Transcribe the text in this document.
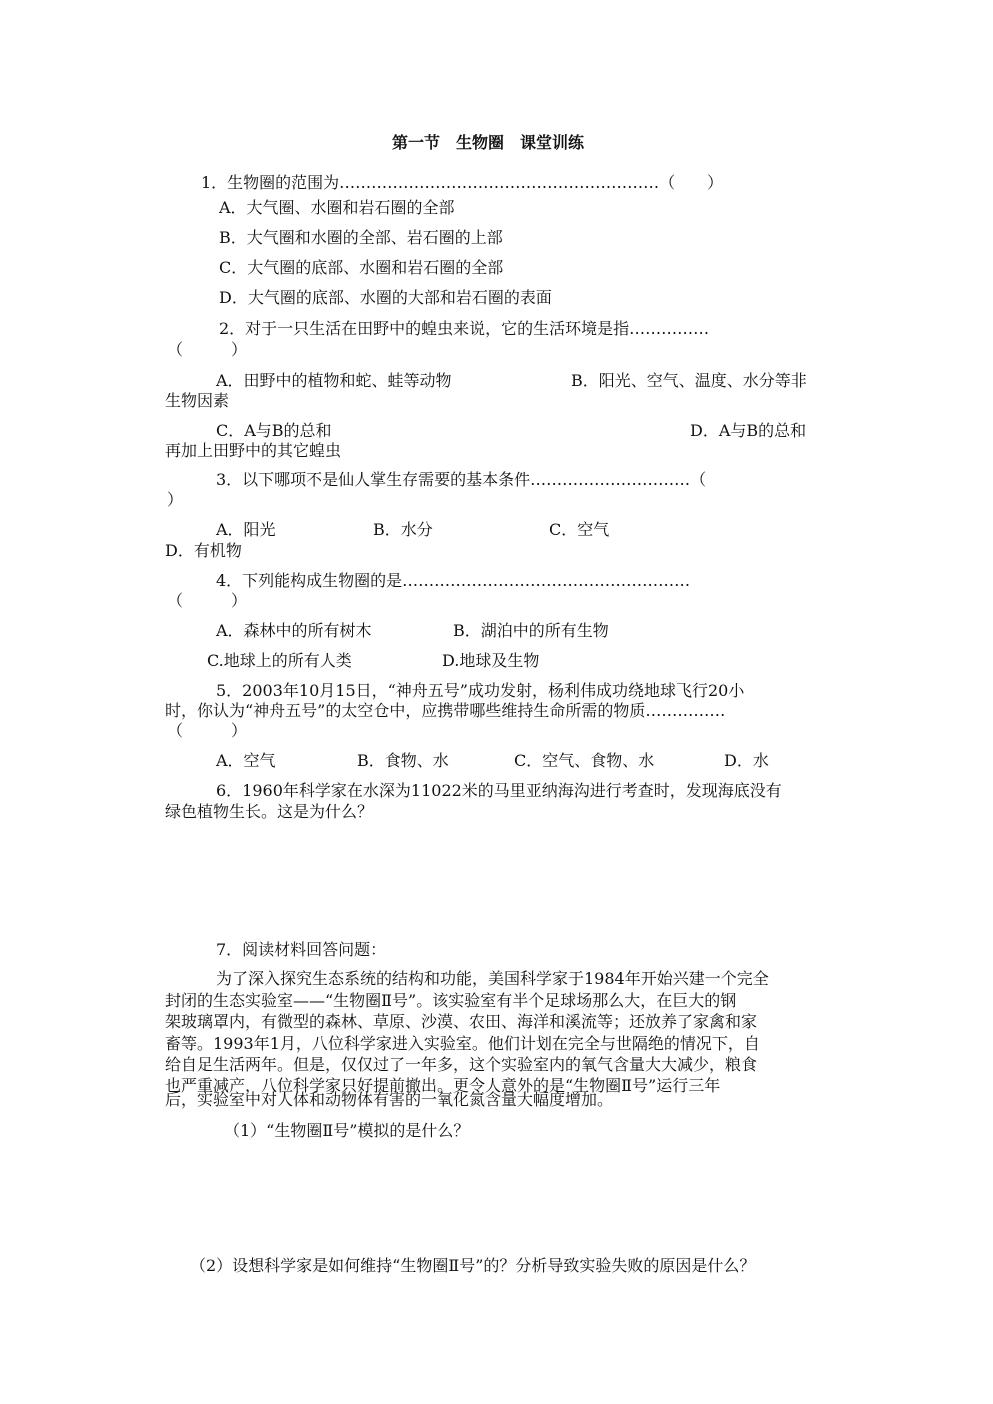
第一节　生物圈　课堂训练
1．生物圈的范围为……………………………………………………（　　）
A．大气圈、水圈和岩石圈的全部
B．大气圈和水圈的全部、岩石圈的上部
C．大气圈的底部、水圈和岩石圈的全部
D．大气圈的底部、水圈的大部和岩石圈的表面
2．对于一只生活在田野中的蝗虫来说，它的生活环境是指……………
（　　　）
A．田野中的植物和蛇、蛙等动物	B．阳光、空气、温度、水分等非
生物因素
C．A与B的总和	D．A与B的总和
再加上田野中的其它蝗虫
3．以下哪项不是仙人掌生存需要的基本条件…………………………（
）
A．阳光	B．水分	C．空气
D．有机物
4．下列能构成生物圈的是………………………………………………
（　　　）
A．森林中的所有树木	B．湖泊中的所有生物
C.地球上的所有人类	D.地球及生物
5．2003年10月15日，“神舟五号”成功发射，杨利伟成功绕地球飞行20小
时，你认为“神舟五号”的太空仓中，应携带哪些维持生命所需的物质……………
（　　　）
A．空气	B．食物、水	C．空气、食物、水	D．水
6．1960年科学家在水深为11022米的马里亚纳海沟进行考查时，发现海底没有
绿色植物生长。这是为什么？
7．阅读材料回答问题：
为了深入探究生态系统的结构和功能，美国科学家于1984年开始兴建一个完全
封闭的生态实验室——“生物圈Ⅱ号”。该实验室有半个足球场那么大，在巨大的钢
架玻璃罩内，有微型的森林、草原、沙漠、农田、海洋和溪流等；还放养了家禽和家
畜等。1993年1月，八位科学家进入实验室。他们计划在完全与世隔绝的情况下，自
给自足生活两年。但是，仅仅过了一年多，这个实验室内的氧气含量大大减少，粮食
也严重减产，八位科学家只好提前撤出。更令人意外的是“生物圈Ⅱ号”运行三年
后，实验室中对人体和动物体有害的一氧化氮含量大幅度增加。
（1）“生物圈Ⅱ号”模拟的是什么？
（2）设想科学家是如何维持“生物圈Ⅱ号”的？分析导致实验失败的原因是什么？
